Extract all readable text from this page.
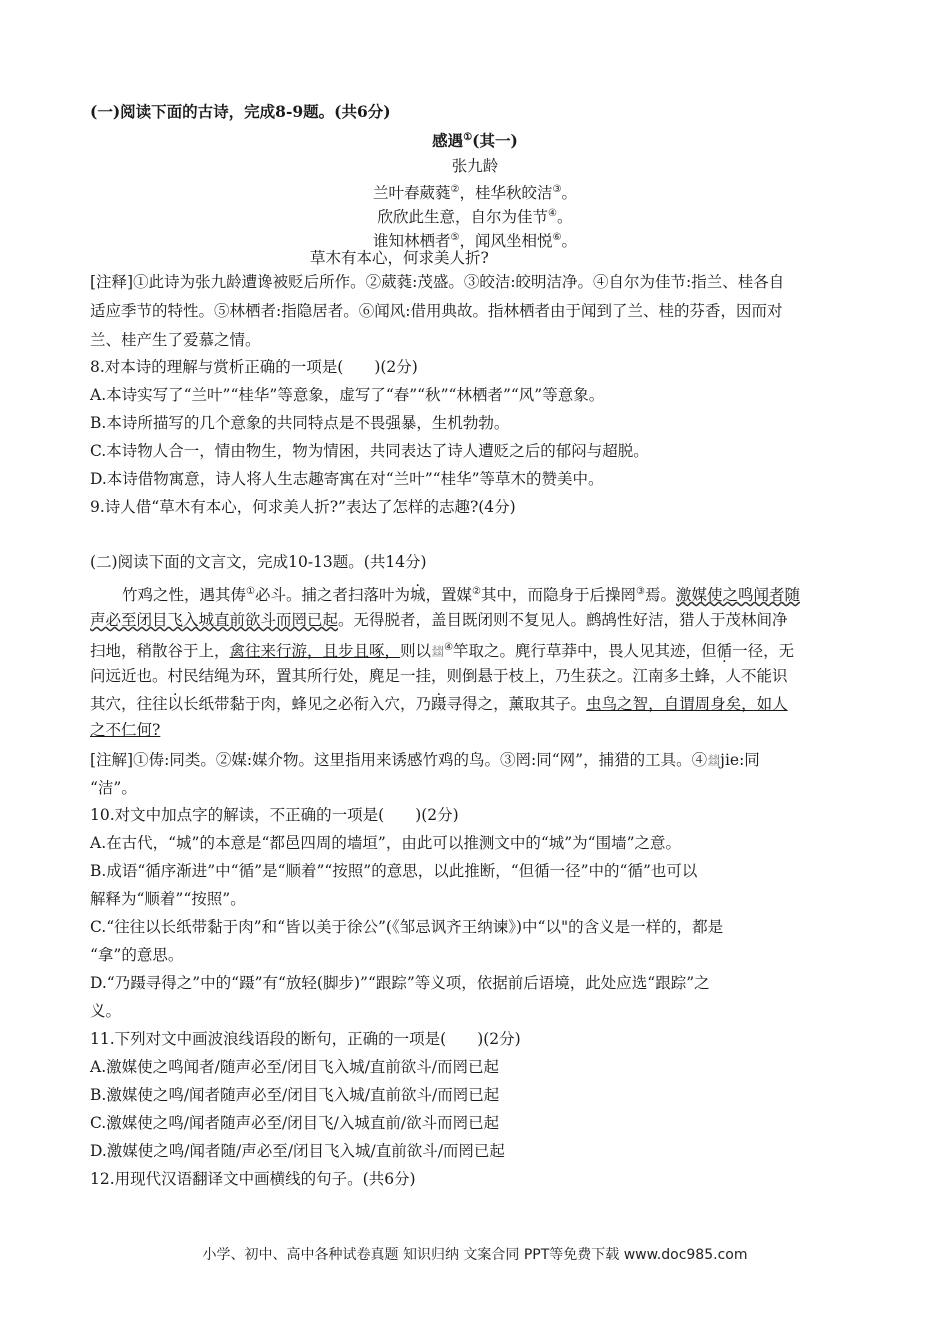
(一)阅读下面的古诗，完成8-9题。(共6分)
感遇①(其一)
张九龄
兰叶春葳蕤②，桂华秋皎洁③。
欣欣此生意，自尔为佳节④。
谁知林栖者⑤，闻风坐相悦⑥。
草木有本心，何求美人折?
[注释]①此诗为张九龄遭谗被贬后所作。②葳蕤:茂盛。③皎洁:皎明洁净。④自尔为佳节:指兰、桂各自
适应季节的特性。⑤林栖者:指隐居者。⑥闻风:借用典故。指林栖者由于闻到了兰、桂的芬香，因而对
兰、桂产生了爱慕之情。
8.对本诗的理解与赏析正确的一项是(　　)(2分)
A.本诗实写了“兰叶”“桂华”等意象，虚写了“春”“秋”“林栖者”“风”等意象。
B.本诗所描写的几个意象的共同特点是不畏强暴，生机勃勃。
C.本诗物人合一，情由物生，物为情困，共同表达了诗人遭贬之后的郁闷与超脱。
D.本诗借物寓意，诗人将人生志趣寄寓在对“兰叶”“桂华”等草木的赞美中。
9.诗人借“草木有本心，何求美人折?”表达了怎样的志趣?(4分)
(二)阅读下面的文言文，完成10-13题。(共14分)
竹鸡之性，遇其俦①必斗。捕之者扫落叶为城，置媒②其中，而隐身于后操罔③焉。激媒使之鸣闻者随
声必至闭目飞入城直前欲斗而罔已起。无得脱者，盖目既闭则不复见人。鹧鸪性好洁，猎人于茂林间净
扫地，稍散谷于上，禽往来行游，且步且啄，则以𢇍④竿取之。麂行草莽中，畏人见其迹，但循一径，无
问远近也。村民结绳为环，置其所行处，麂足一挂，则倒悬于枝上，乃生获之。江南多土蜂，人不能识
其穴，往往以长纸带黏于肉，蜂见之必衔入穴，乃蹑寻得之，薰取其子。虫鸟之智，自谓周身矣，如人
之不仁何?
[注解]①俦:同类。②媒:媒介物。这里指用来诱感竹鸡的鸟。③罔:同“网”，捕猎的工具。④𢇍jie:同
“洁”。
10.对文中加点字的解读，不正确的一项是(　　)(2分)
A.在古代，“城”的本意是“都邑四周的墙垣”，由此可以推测文中的“城”为“围墙”之意。
B.成语“循序渐进”中“循”是“顺着”“按照”的意思，以此推断，“但循一径”中的“循”也可以
解释为“顺着”“按照”。
C.“往往以长纸带黏于肉”和“皆以美于徐公”(《邹忌讽齐王纳谏》)中“以"的含义是一样的，都是
“拿”的意思。
D.“乃蹑寻得之”中的“蹑”有“放轻(脚步)”“跟踪”等义项，依据前后语境，此处应选“跟踪”之
义。
11.下列对文中画波浪线语段的断句，正确的一项是(　　)(2分)
A.激媒使之鸣闻者/随声必至/闭目飞入城/直前欲斗/而罔已起
B.激媒使之鸣/闻者随声必至/闭目飞入城/直前欲斗/而罔已起
C.激媒使之鸣/闻者随声必至/闭目飞/入城直前/欲斗而罔已起
D.激媒使之鸣/闻者随/声必至/闭目飞入城/直前欲斗/而罔已起
12.用现代汉语翻译文中画横线的句子。(共6分)
小学、初中、高中各种试卷真题 知识归纳 文案合同 PPT等免费下载 www.doc985.com
